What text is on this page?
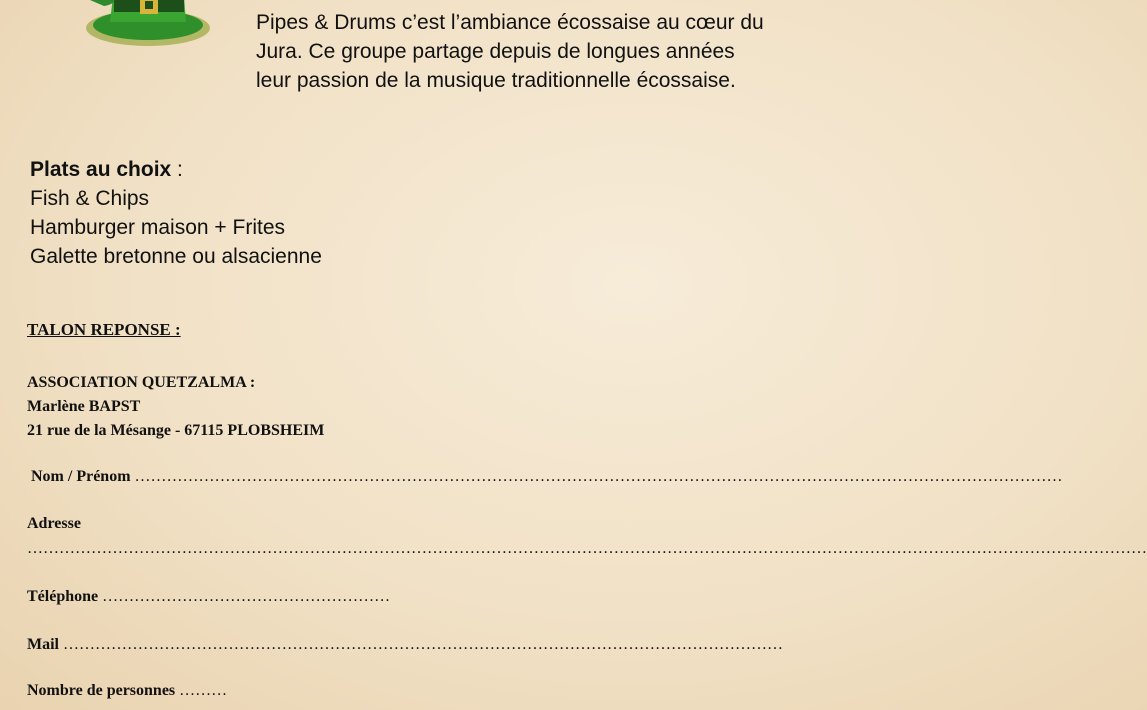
Pipes & Drums c’est l’ambiance écossaise au cœur du Jura. Ce groupe partage depuis de longues années leur passion de la musique traditionnelle écossaise.
Plats au choix :
Fish & Chips
Hamburger maison + Frites
Galette bretonne ou alsacienne
TALON REPONSE :
ASSOCIATION QUETZALMA :
Marlène BAPST
21 rue de la Mésange - 67115 PLOBSHEIM
Nom / Prénom …………………………………………………………………………………………………………………………………………………………
Adresse
…………………………………………………………………………………………………………………………………………………………………………………………
Téléphone ………………………………………………
Mail ………………………………………………………………………………………………………………………
Nombre de personnes ………
